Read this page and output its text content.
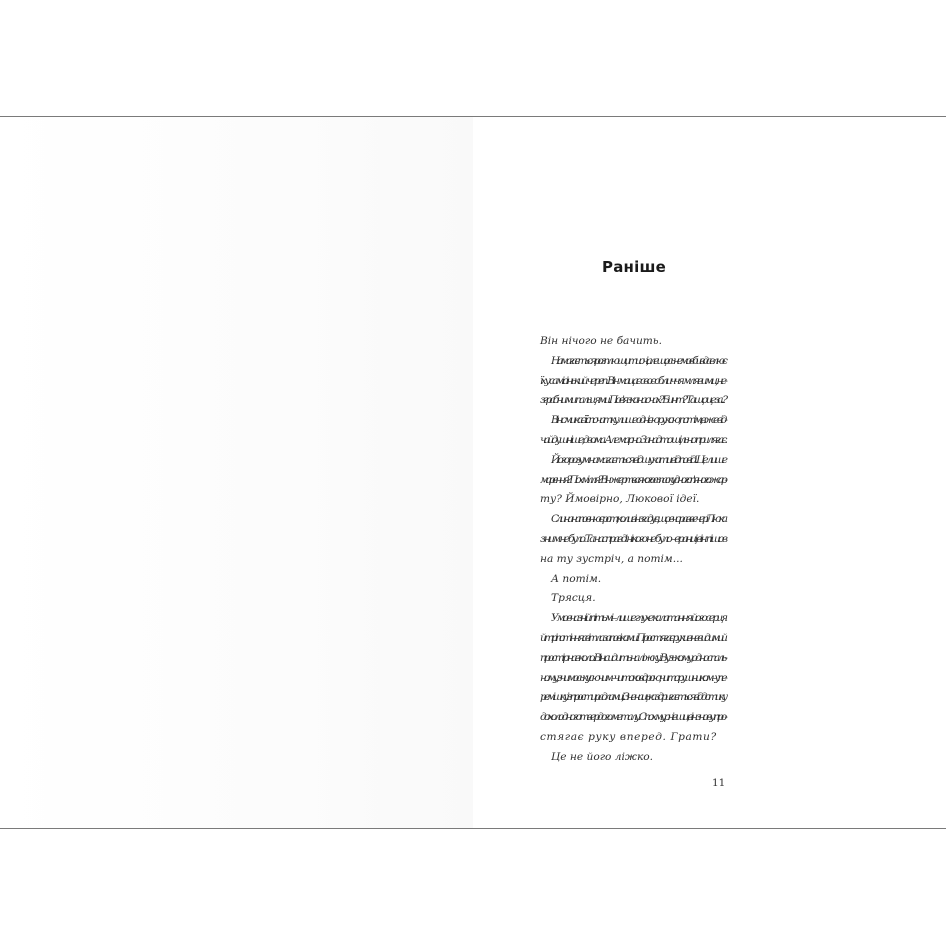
Раніше

Він нічого не бачить.

Намагається розплющити очі, але щось немов би вдавлює
їх у самісінький череп. Він мацає своє обличчя млявими, не-
зграбними пальцями. Пов'язка на очах? Бинт? Та що це за...?

Він смикає її спочатку лише однією рукою, потім, вже від-
чайдушніше, двома. Але марно. Занадто щільно прилягає.

Його розум намагається відшукати відповіді. Це лише
марення? Похмілля? Він жертва якогось паскудного п'яного жар-
ту? Ймовірно, Люкової ідеї.

Слина наповнює рот, коли він згадує, що вчора ввечері Люка
з ним не було. Та насправді нікого не було – вранці він пішов
на ту зустріч, а потім...

А потім.

Трясця.

У мовчазній пітьмі – лише глухе калатання його серця
й тріпотіння світла за повіками. Простягає руки в невидимий
простір навколо. Він сидить на ліжку. Вузькому, односпаль-
ному, з чимось кусючим – чи то ковдрою, чи то рушником – упе-
ремішку із простирадлами, і... Зненацька здригається від дотику
до холодного твердого металу. Спохмурнівши, він знову про-
стягає руку вперед. Грати?

Це не його ліжко.

11
